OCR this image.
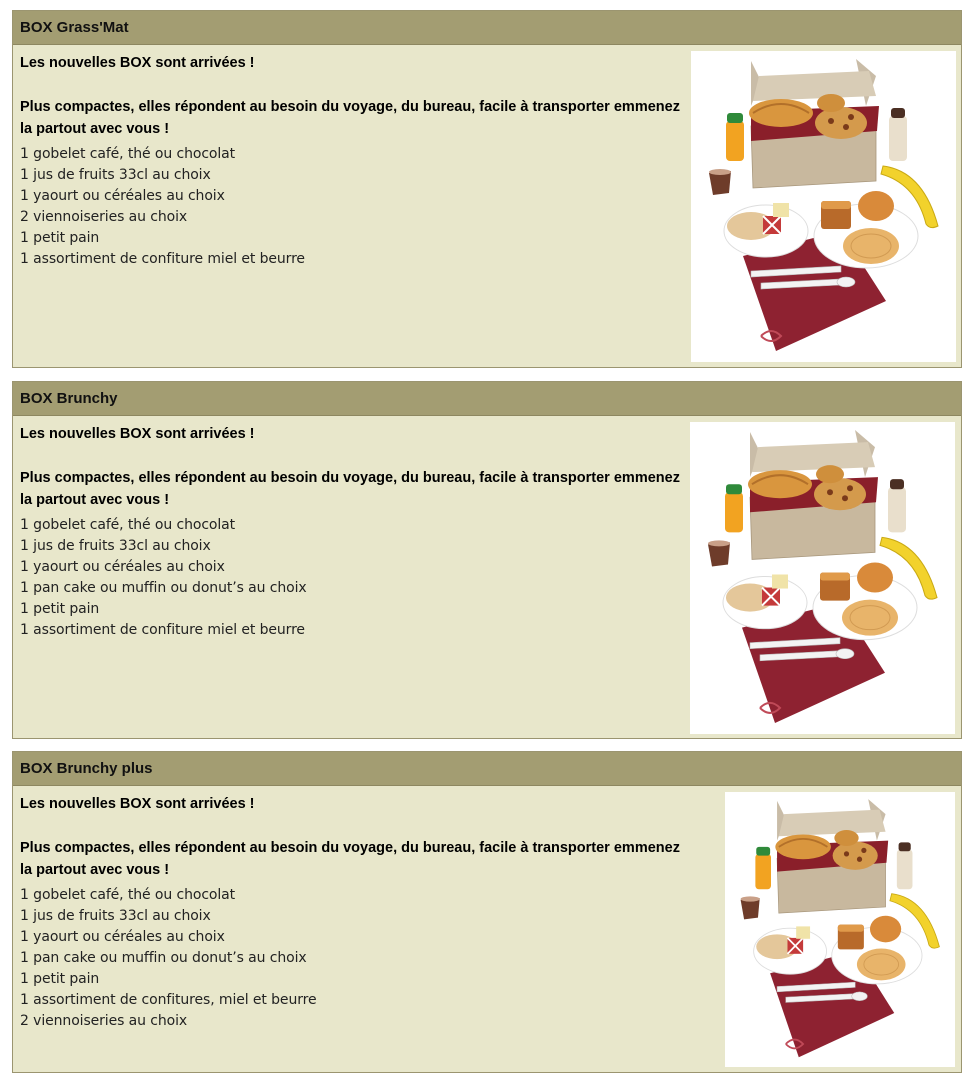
BOX Grass'Mat
Les nouvelles BOX sont arrivées !
Plus compactes, elles répondent au besoin du voyage, du bureau, facile à transporter emmenez la partout avec vous !
1 gobelet café, thé ou chocolat
1 jus de fruits 33cl au choix
1 yaourt ou céréales au choix
2 viennoiseries au choix
1 petit pain
1 assortiment de confiture miel et beurre
BOX Brunchy
Les nouvelles BOX sont arrivées !
Plus compactes, elles répondent au besoin du voyage, du bureau, facile à transporter emmenez la partout avec vous !
1 gobelet café, thé ou chocolat
1 jus de fruits 33cl au choix
1 yaourt ou céréales au choix
1 pan cake ou muffin ou donut’s au choix
1 petit pain
1 assortiment de confiture miel et beurre
BOX Brunchy plus
Les nouvelles BOX sont arrivées !
Plus compactes, elles répondent au besoin du voyage, du bureau, facile à transporter emmenez la partout avec vous !
1 gobelet café, thé ou chocolat
1 jus de fruits 33cl au choix
1 yaourt ou céréales au choix
1 pan cake ou muffin ou donut’s au choix
1 petit pain
1 assortiment de confitures, miel et beurre
2 viennoiseries au choix
